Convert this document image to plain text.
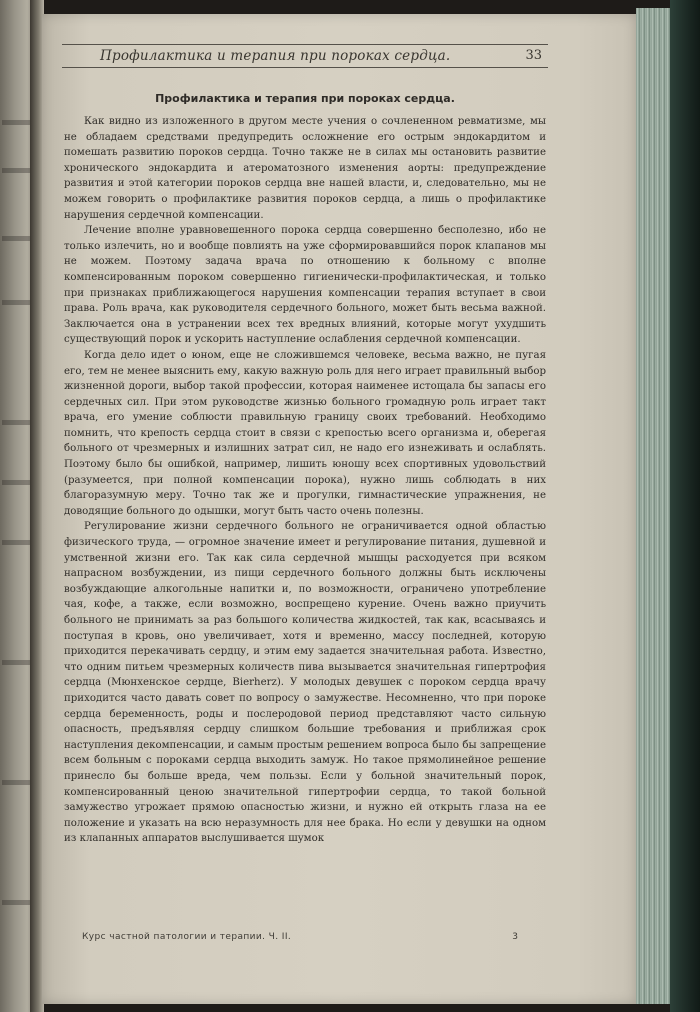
Профилактика и терапия при пороках сердца.	33
Профилактика и терапия при пороках сердца.

Как видно из изложенного в другом месте учения о сочлененном ревматизме, мы не обладаем средствами предупредить осложнение его острым эндокардитом и помешать развитию пороков сердца. Точно также не в силах мы остановить развитие хронического эндокардита и атероматозного изменения аорты: предупреждение развития и этой категории пороков сердца вне нашей власти, и, следовательно, мы не можем говорить о профилактике развития пороков сердца, а лишь о профилактике нарушения сердечной компенсации.

Лечение вполне уравновешенного порока сердца совершенно бесполезно, ибо не только излечить, но и вообще повлиять на уже сформировавшийся порок клапанов мы не можем. Поэтому задача врача по отношению к больному с вполне компенсированным пороком совершенно гигиенически-профилактическая, и только при признаках приближающегося нарушения компенсации терапия вступает в свои права. Роль врача, как руководителя сердечного больного, может быть весьма важной. Заключается она в устранении всех тех вредных влияний, которые могут ухудшить существующий порок и ускорить наступление ослабления сердечной компенсации.

Когда дело идет о юном, еще не сложившемся человеке, весьма важно, не пугая его, тем не менее выяснить ему, какую важную роль для него играет правильный выбор жизненной дороги, выбор такой профессии, которая наименее истощала бы запасы его сердечных сил. При этом руководстве жизнью больного громадную роль играет такт врача, его умение соблюсти правильную границу своих требований. Необходимо помнить, что крепость сердца стоит в связи с крепостью всего организма и, оберегая больного от чрезмерных и излишних затрат сил, не надо его изнеживать и ослаблять. Поэтому было бы ошибкой, например, лишить юношу всех спортивных удовольствий (разумеется, при полной компенсации порока), нужно лишь соблюдать в них благоразумную меру. Точно так же и прогулки, гимнастические упражнения, не доводящие больного до одышки, могут быть часто очень полезны.

Регулирование жизни сердечного больного не ограничивается одной областью физического труда, — огромное значение имеет и регулирование питания, душевной и умственной жизни его. Так как сила сердечной мышцы расходуется при всяком напрасном возбуждении, из пищи сердечного больного должны быть исключены возбуждающие алкогольные напитки и, по возможности, ограничено употребление чая, кофе, а также, если возможно, воспрещено курение. Очень важно приучить больного не принимать за раз большого количества жидкостей, так как, всасываясь и поступая в кровь, оно увеличивает, хотя и временно, массу последней, которую приходится перекачивать сердцу, и этим ему задается значительная работа. Известно, что одним питьем чрезмерных количеств пива вызывается значительная гипертрофия сердца (Мюнхенское сердце, Bierherz). У молодых девушек с пороком сердца врачу приходится часто давать совет по вопросу о замужестве. Несомненно, что при пороке сердца беременность, роды и послеродовой период представляют часто сильную опасность, предъявляя сердцу слишком большие требования и приближая срок наступления декомпенсации, и самым простым решением вопроса было бы запрещение всем больным с пороками сердца выходить замуж. Но такое прямолинейное решение принесло бы больше вреда, чем пользы. Если у больной значительный порок, компенсированный ценою значительной гипертрофии сердца, то такой больной замужество угрожает прямою опасностью жизни, и нужно ей открыть глаза на ее положение и указать на всю неразумность для нее брака. Но если у девушки на одном из клапанных аппаратов выслушивается шумок

Курс частной патологии и терапии. Ч. II.	3
